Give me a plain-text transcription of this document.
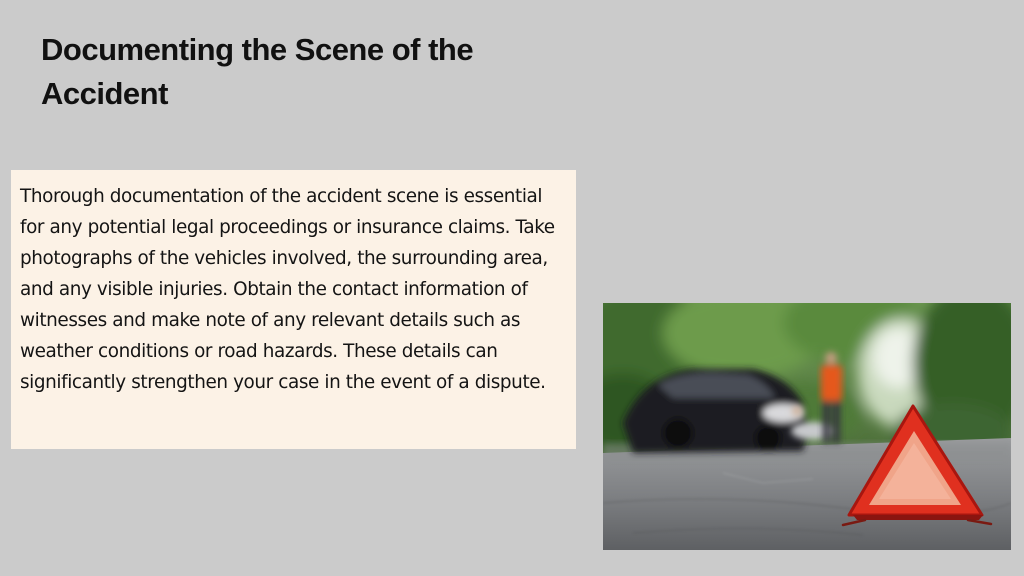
Documenting the Scene of the Accident

Thorough documentation of the accident scene is essential for any potential legal proceedings or insurance claims. Take photographs of the vehicles involved, the surrounding area, and any visible injuries. Obtain the contact information of witnesses and make note of any relevant details such as weather conditions or road hazards. These details can significantly strengthen your case in the event of a dispute.
